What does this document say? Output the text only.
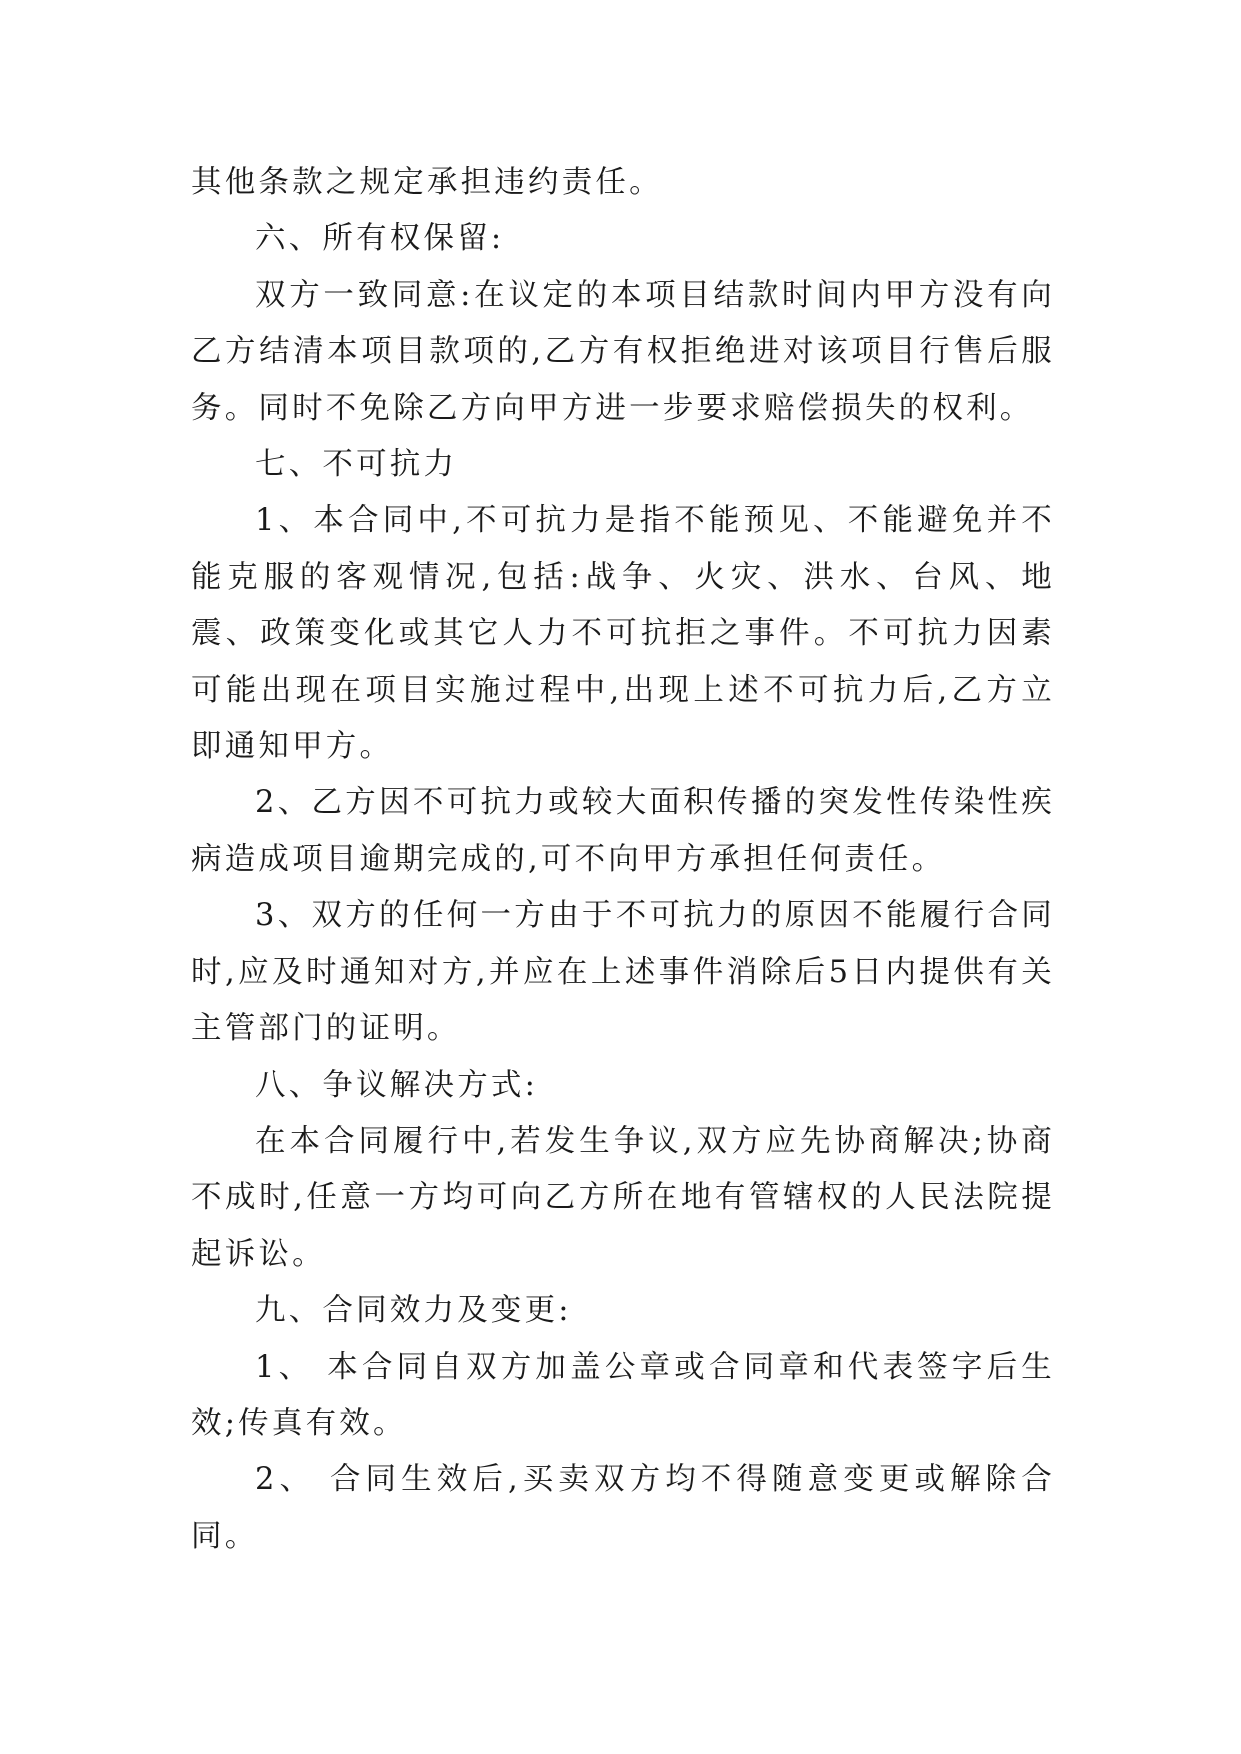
其他条款之规定承担违约责任。

六、所有权保留:

双方一致同意:在议定的本项目结款时间内甲方没有向乙方结清本项目款项的,乙方有权拒绝进对该项目行售后服务。同时不免除乙方向甲方进一步要求赔偿损失的权利。

七、不可抗力

1、本合同中,不可抗力是指不能预见、不能避免并不能克服的客观情况,包括:战争、火灾、洪水、台风、地震、政策变化或其它人力不可抗拒之事件。不可抗力因素可能出现在项目实施过程中,出现上述不可抗力后,乙方立即通知甲方。

2、乙方因不可抗力或较大面积传播的突发性传染性疾病造成项目逾期完成的,可不向甲方承担任何责任。

3、双方的任何一方由于不可抗力的原因不能履行合同时,应及时通知对方,并应在上述事件消除后5日内提供有关主管部门的证明。

八、争议解决方式:

在本合同履行中,若发生争议,双方应先协商解决;协商不成时,任意一方均可向乙方所在地有管辖权的人民法院提起诉讼。

九、合同效力及变更:

1、 本合同自双方加盖公章或合同章和代表签字后生效;传真有效。

2、 合同生效后,买卖双方均不得随意变更或解除合同。
